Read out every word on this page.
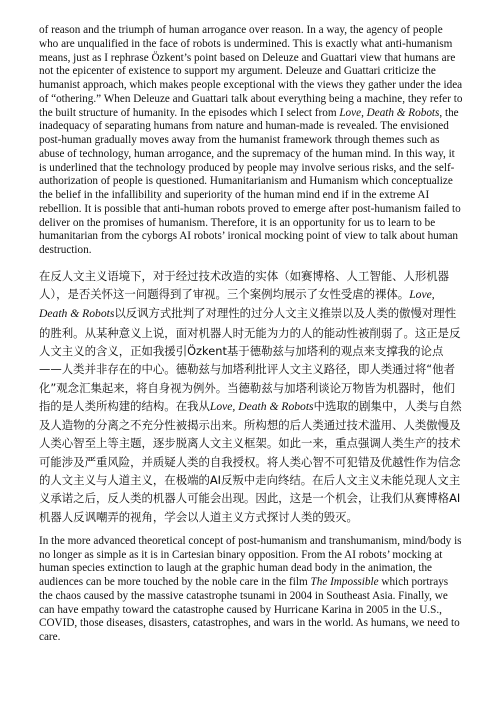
of reason and the triumph of human arrogance over reason. In a way, the agency of people who are unqualified in the face of robots is undermined. This is exactly what anti-humanism means, just as I rephrase Özkent’s point based on Deleuze and Guattari view that humans are not the epicenter of existence to support my argument. Deleuze and Guattari criticize the humanist approach, which makes people exceptional with the views they gather under the idea of “othering.” When Deleuze and Guattari talk about everything being a machine, they refer to the built structure of humanity. In the episodes which I select from Love, Death & Robots, the inadequacy of separating humans from nature and human-made is revealed. The envisioned post-human gradually moves away from the humanist framework through themes such as abuse of technology, human arrogance, and the supremacy of the human mind. In this way, it is underlined that the technology produced by people may involve serious risks, and the self-authorization of people is questioned. Humanitarianism and Humanism which conceptualize the belief in the infallibility and superiority of the human mind end if in the extreme AI rebellion. It is possible that anti-human robots proved to emerge after post-humanism failed to deliver on the promises of humanism. Therefore, it is an opportunity for us to learn to be humanitarian from the cyborgs AI robots’ ironical mocking point of view to talk about human destruction.

在反人文主义语境下，对于经过技术改造的实体（如赛博格、人工智能、人形机器人），是否关怀这一问题得到了审视。三个案例均展示了女性受虐的裸体。Love, Death & Robots以反讽方式批判了对理性的过分人文主义推崇以及人类的傲慢对理性的胜利。从某种意义上说，面对机器人时无能为力的人的能动性被削弱了。这正是反人文主义的含义，正如我援引Özkent基于德勒兹与加塔利的观点来支撑我的论点——人类并非存在的中心。德勒兹与加塔利批评人文主义路径，即人类通过将“他者化”观念汇集起来，将自身视为例外。当德勒兹与加塔利谈论万物皆为机器时，他们指的是人类所构建的结构。在我从Love, Death & Robots中选取的剧集中，人类与自然及人造物的分离之不充分性被揭示出来。所构想的后人类通过技术滥用、人类傲慢及人类心智至上等主题，逐步脱离人文主义框架。如此一来，重点强调人类生产的技术可能涉及严重风险，并质疑人类的自我授权。将人类心智不可犯错及优越性作为信念的人文主义与人道主义，在极端的AI反叛中走向终结。在后人文主义未能兑现人文主义承诺之后，反人类的机器人可能会出现。因此，这是一个机会，让我们从赛博格AI机器人反讽嘲弄的视角，学会以人道主义方式探讨人类的毁灭。

In the more advanced theoretical concept of post-humanism and transhumanism, mind/body is no longer as simple as it is in Cartesian binary opposition. From the AI robots’ mocking at human species extinction to laugh at the graphic human dead body in the animation, the audiences can be more touched by the noble care in the film The Impossible which portrays the chaos caused by the massive catastrophe tsunami in 2004 in Southeast Asia. Finally, we can have empathy toward the catastrophe caused by Hurricane Karina in 2005 in the U.S., COVID, those diseases, disasters, catastrophes, and wars in the world. As humans, we need to care.
